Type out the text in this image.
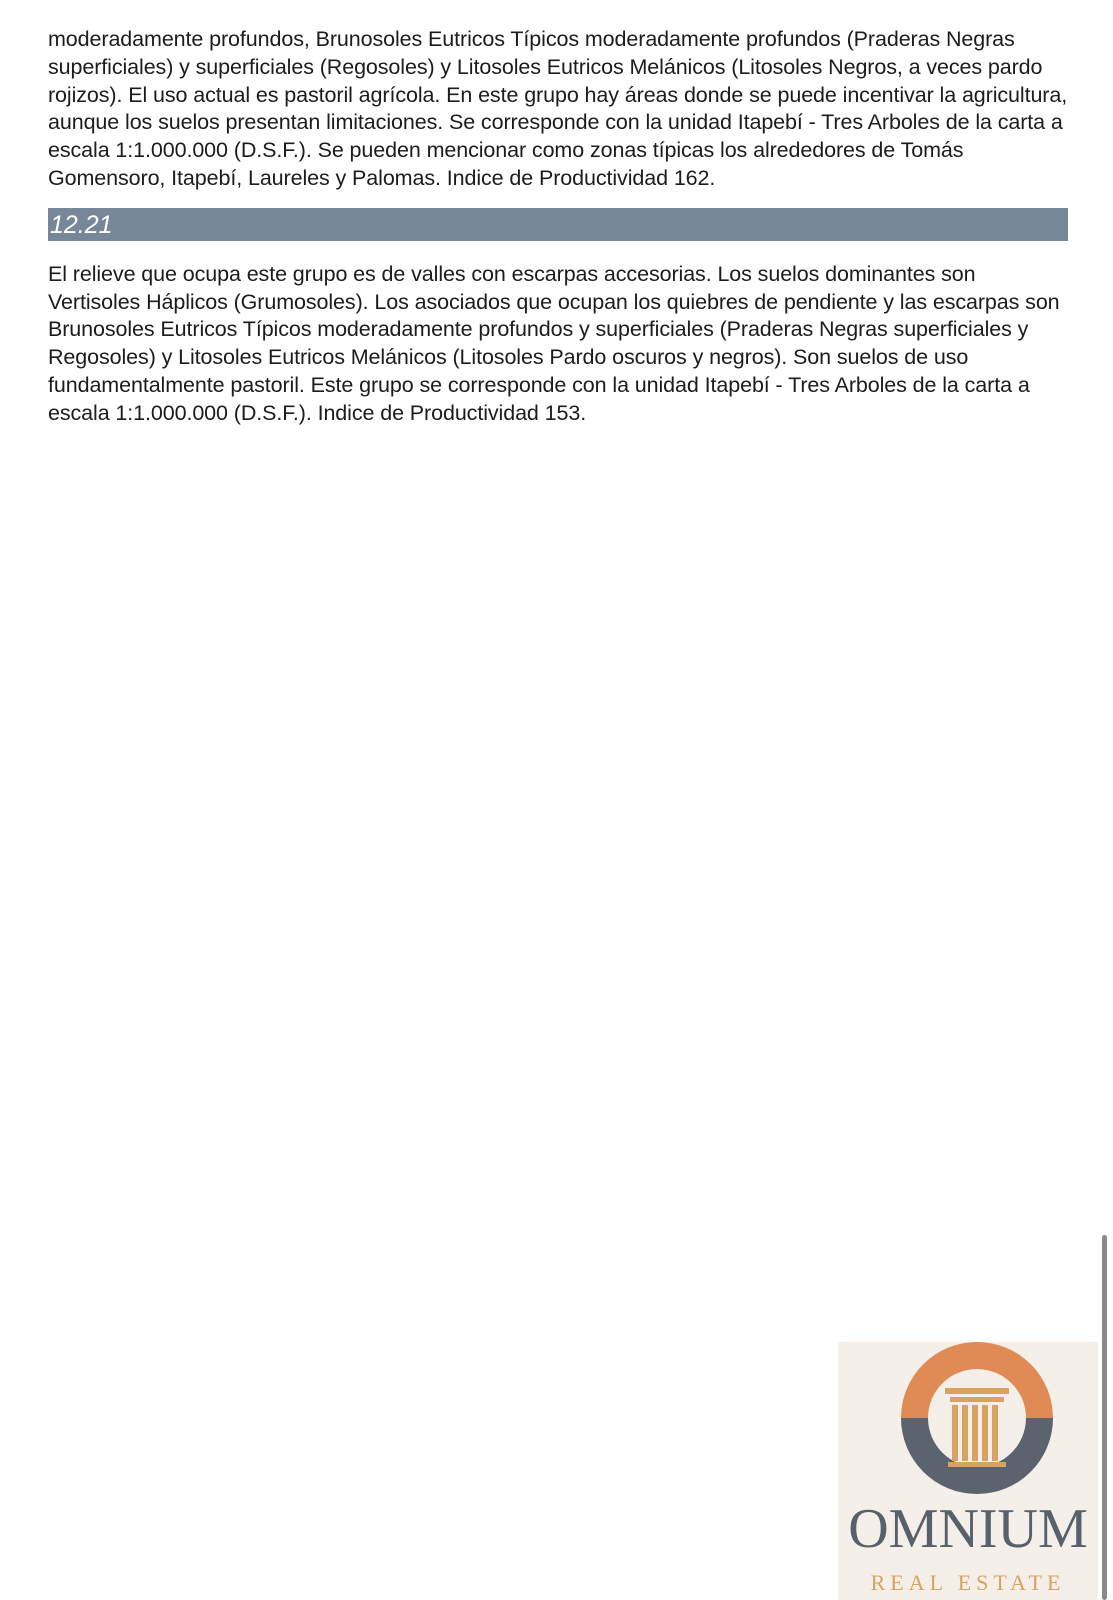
moderadamente profundos, Brunosoles Eutricos Típicos moderadamente profundos (Praderas Negras superficiales) y superficiales (Regosoles) y Litosoles Eutricos Melánicos (Litosoles Negros, a veces pardo rojizos). El uso actual es pastoril agrícola. En este grupo hay áreas donde se puede incentivar la agricultura, aunque los suelos presentan limitaciones. Se corresponde con la unidad Itapebí - Tres Arboles de la carta a escala 1:1.000.000 (D.S.F.). Se pueden mencionar como zonas típicas los alrededores de Tomás Gomensoro, Itapebí, Laureles y Palomas. Indice de Productividad 162.

12.21

El relieve que ocupa este grupo es de valles con escarpas accesorias. Los suelos dominantes son Vertisoles Háplicos (Grumosoles). Los asociados que ocupan los quiebres de pendiente y las escarpas son Brunosoles Eutricos Típicos moderadamente profundos y superficiales (Praderas Negras superficiales y Regosoles) y Litosoles Eutricos Melánicos (Litosoles Pardo oscuros y negros). Son suelos de uso fundamentalmente pastoril. Este grupo se corresponde con la unidad Itapebí - Tres Arboles de la carta a escala 1:1.000.000 (D.S.F.). Indice de Productividad 153.

OMNIUM
REAL ESTATE
